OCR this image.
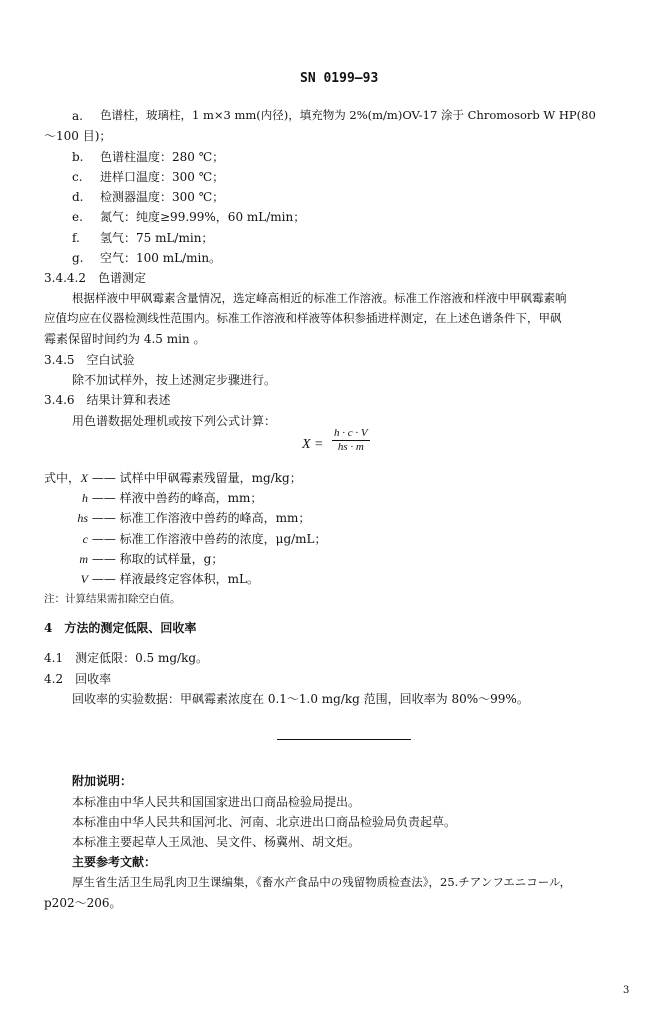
SN 0199—93
a. 色谱柱，玻璃柱，1 m×3 mm(内径)，填充物为 2%(m/m)OV-17 涂于 Chromosorb W HP(80
～100 目)；
b. 色谱柱温度：280 ℃；
c. 进样口温度：300 ℃；
d. 检测器温度：300 ℃；
e. 氮气：纯度≥99.99%，60 mL/min；
f. 氢气：75 mL/min；
g. 空气：100 mL/min。
3.4.4.2　色谱测定
根据样液中甲砜霉素含量情况，选定峰高相近的标准工作溶液。标准工作溶液和样液中甲砜霉素响
应值均应在仪器检测线性范围内。标准工作溶液和样液等体积参插进样测定，在上述色谱条件下，甲砜
霉素保留时间约为 4.5 min 。
3.4.5　空白试验
除不加试样外，按上述测定步骤进行。
3.4.6　结果计算和表述
用色谱数据处理机或按下列公式计算：
$X = \frac{h \cdot c \cdot V}{hs \cdot m}$
式中， X —— 试样中甲砜霉素残留量，mg/kg；
h —— 样液中兽药的峰高，mm；
hs —— 标准工作溶液中兽药的峰高，mm；
c —— 标准工作溶液中兽药的浓度，μg/mL；
m —— 称取的试样量，g；
V —— 样液最终定容体积，mL。
注：计算结果需扣除空白值。
4　方法的测定低限、回收率
4.1　测定低限：0.5 mg/kg。
4.2　回收率
回收率的实验数据：甲砜霉素浓度在 0.1～1.0 mg/kg 范围，回收率为 80%～99%。
附加说明：
本标准由中华人民共和国国家进出口商品检验局提出。
本标准由中华人民共和国河北、河南、北京进出口商品检验局负责起草。
本标准主要起草人王凤池、吴文件、杨冀州、胡文炬。
主要参考文献：
厚生省生活卫生局乳肉卫生课编集，《畜水产食品中の残留物质检查法》，25.チアンフエニコール，
p202～206。
3
